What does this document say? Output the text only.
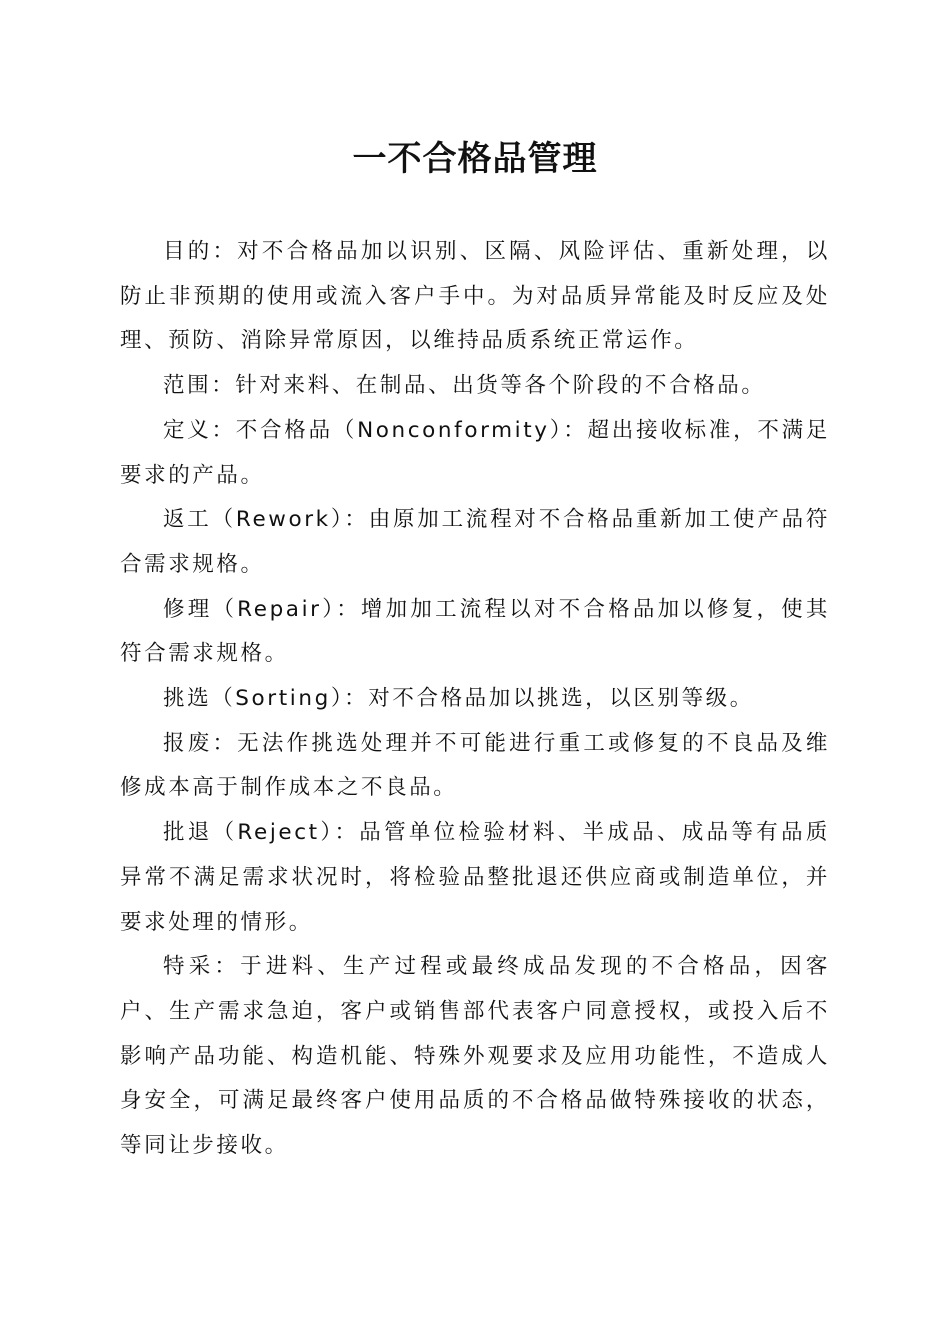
一不合格品管理

目的：对不合格品加以识别、区隔、风险评估、重新处理，以防止非预期的使用或流入客户手中。为对品质异常能及时反应及处理、预防、消除异常原因，以维持品质系统正常运作。

范围：针对来料、在制品、出货等各个阶段的不合格品。

定义：不合格品（Nonconformity）：超出接收标准，不满足要求的产品。

返工（Rework）：由原加工流程对不合格品重新加工使产品符合需求规格。

修理（Repair）：增加加工流程以对不合格品加以修复，使其符合需求规格。

挑选（Sorting）：对不合格品加以挑选，以区别等级。

报废：无法作挑选处理并不可能进行重工或修复的不良品及维修成本高于制作成本之不良品。

批退（Reject）：品管单位检验材料、半成品、成品等有品质异常不满足需求状况时，将检验品整批退还供应商或制造单位，并要求处理的情形。

特采：于进料、生产过程或最终成品发现的不合格品，因客户、生产需求急迫，客户或销售部代表客户同意授权，或投入后不影响产品功能、构造机能、特殊外观要求及应用功能性，不造成人身安全，可满足最终客户使用品质的不合格品做特殊接收的状态，等同让步接收。
